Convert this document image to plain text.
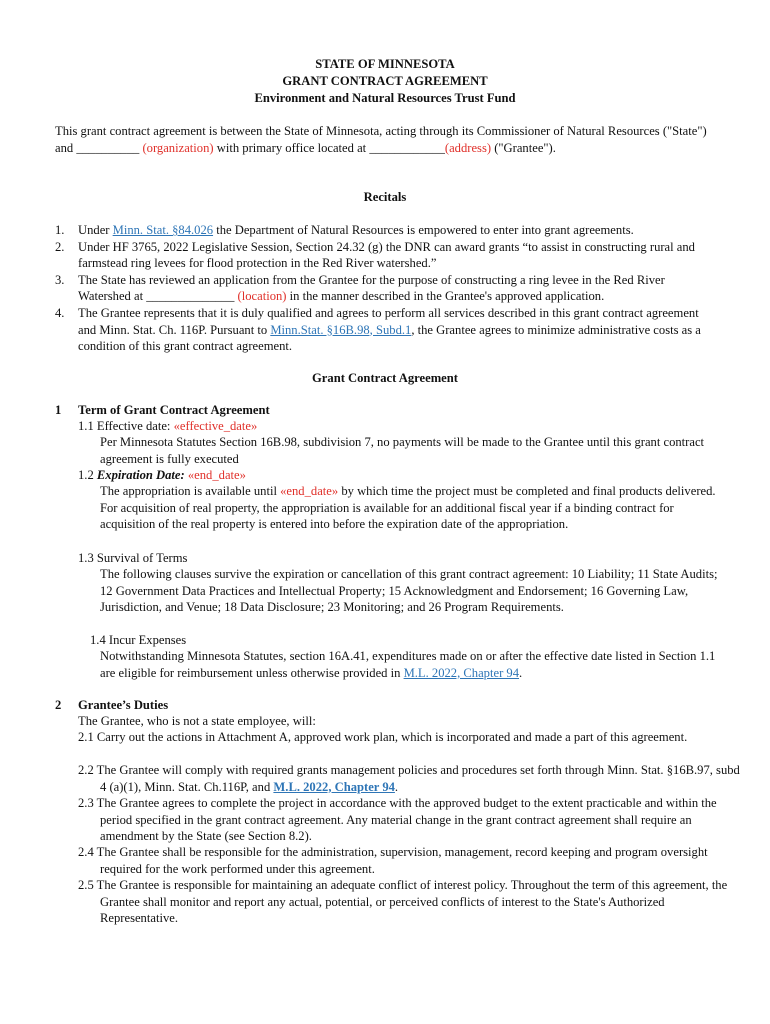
STATE OF MINNESOTA
GRANT CONTRACT AGREEMENT
Environment and Natural Resources Trust Fund
This grant contract agreement is between the State of Minnesota, acting through its Commissioner of Natural Resources ("State") and __________ (organization) with primary office located at ____________(address) ("Grantee").
Recitals
1. Under Minn. Stat. §84.026 the Department of Natural Resources is empowered to enter into grant agreements.
2. Under HF 3765, 2022 Legislative Session, Section 24.32 (g) the DNR can award grants “to assist in constructing rural and farmstead ring levees for flood protection in the Red River watershed.”
3. The State has reviewed an application from the Grantee for the purpose of constructing a ring levee in the Red River Watershed at ______________ (location) in the manner described in the Grantee's approved application.
4. The Grantee represents that it is duly qualified and agrees to perform all services described in this grant contract agreement and Minn. Stat. Ch. 116P. Pursuant to Minn.Stat. §16B.98, Subd.1, the Grantee agrees to minimize administrative costs as a condition of this grant contract agreement.
Grant Contract Agreement
1 Term of Grant Contract Agreement
1.1 Effective date: «effective_date»
Per Minnesota Statutes Section 16B.98, subdivision 7, no payments will be made to the Grantee until this grant contract agreement is fully executed
1.2 Expiration Date: «end_date»
The appropriation is available until «end_date» by which time the project must be completed and final products delivered. For acquisition of real property, the appropriation is available for an additional fiscal year if a binding contract for acquisition of the real property is entered into before the expiration date of the appropriation.
1.3 Survival of Terms
The following clauses survive the expiration or cancellation of this grant contract agreement: 10 Liability; 11 State Audits; 12 Government Data Practices and Intellectual Property; 15 Acknowledgment and Endorsement; 16 Governing Law, Jurisdiction, and Venue; 18 Data Disclosure; 23 Monitoring; and 26 Program Requirements.
1.4 Incur Expenses
Notwithstanding Minnesota Statutes, section 16A.41, expenditures made on or after the effective date listed in Section 1.1 are eligible for reimbursement unless otherwise provided in M.L. 2022, Chapter 94.
2 Grantee’s Duties
The Grantee, who is not a state employee, will:
2.1 Carry out the actions in Attachment A, approved work plan, which is incorporated and made a part of this agreement.
2.2 The Grantee will comply with required grants management policies and procedures set forth through Minn. Stat. §16B.97, subd 4 (a)(1), Minn. Stat. Ch.116P, and M.L. 2022, Chapter 94.
2.3 The Grantee agrees to complete the project in accordance with the approved budget to the extent practicable and within the period specified in the grant contract agreement. Any material change in the grant contract agreement shall require an amendment by the State (see Section 8.2).
2.4 The Grantee shall be responsible for the administration, supervision, management, record keeping and program oversight required for the work performed under this agreement.
2.5 The Grantee is responsible for maintaining an adequate conflict of interest policy. Throughout the term of this agreement, the Grantee shall monitor and report any actual, potential, or perceived conflicts of interest to the State's Authorized Representative.
